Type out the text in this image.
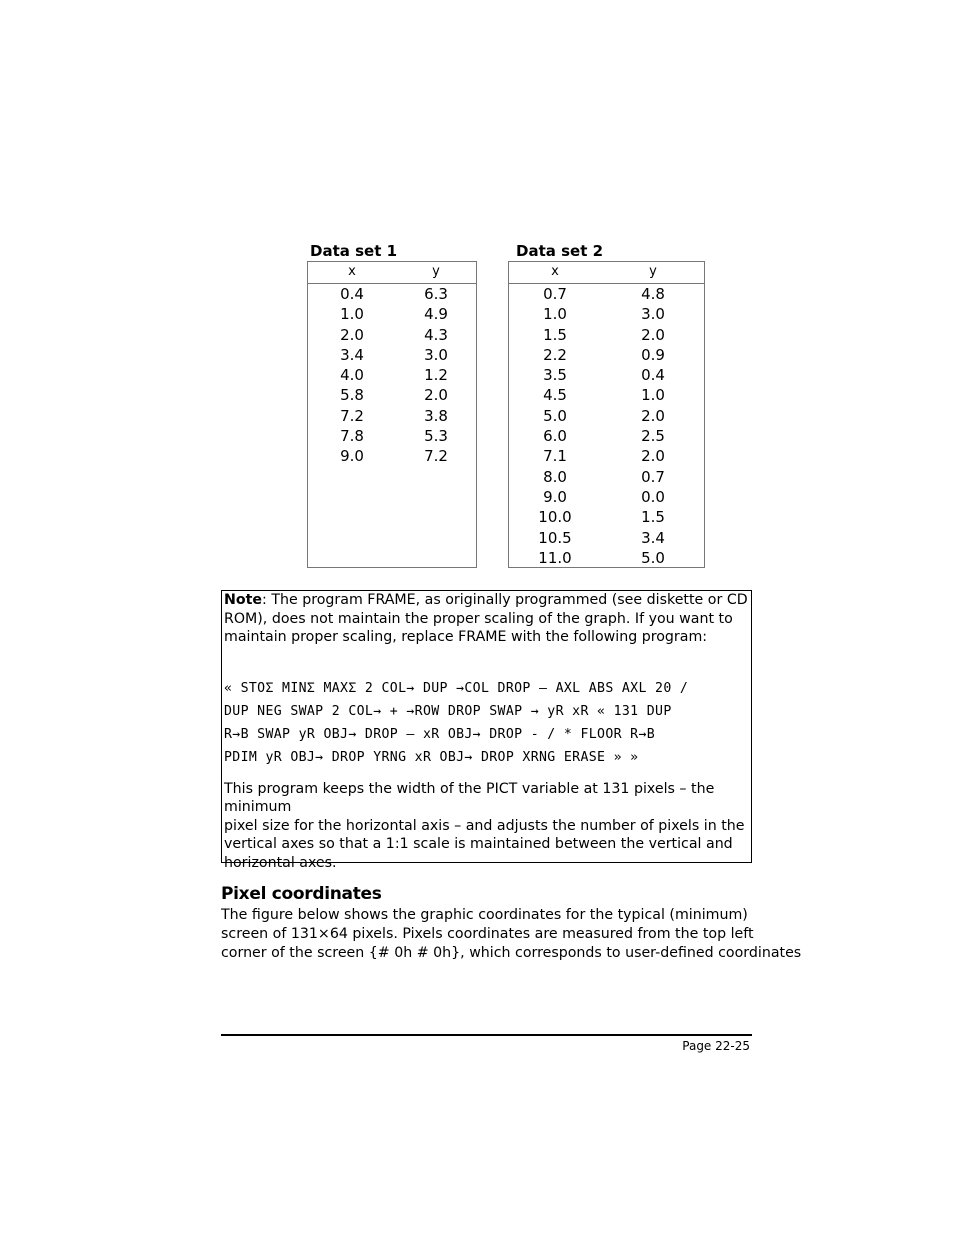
Data set 1
x	y
0.4	6.3
1.0	4.9
2.0	4.3
3.4	3.0
4.0	1.2
5.8	2.0
7.2	3.8
7.8	5.3
9.0	7.2
Data set 2
x	y
0.7	4.8
1.0	3.0
1.5	2.0
2.2	0.9
3.5	0.4
4.5	1.0
5.0	2.0
6.0	2.5
7.1	2.0
8.0	0.7
9.0	0.0
10.0	1.5
10.5	3.4
11.0	5.0

Note: The program FRAME, as originally programmed (see diskette or CD
ROM), does not maintain the proper scaling of the graph. If you want to
maintain proper scaling, replace FRAME with the following program:

« STOΣ MINΣ MAXΣ 2 COL→ DUP →COL DROP – AXL ABS AXL 20 /
DUP NEG SWAP 2 COL→ + →ROW DROP SWAP → yR xR « 131 DUP
R→B SWAP yR OBJ→ DROP – xR OBJ→ DROP - / * FLOOR R→B
PDIM yR OBJ→ DROP YRNG xR OBJ→ DROP XRNG ERASE » »

This program keeps the width of the PICT variable at 131 pixels – the minimum
pixel size for the horizontal axis – and adjusts the number of pixels in the
vertical axes so that a 1:1 scale is maintained between the vertical and
horizontal axes.

Pixel coordinates
The figure below shows the graphic coordinates for the typical (minimum)
screen of 131×64 pixels. Pixels coordinates are measured from the top left
corner of the screen {# 0h # 0h}, which corresponds to user-defined coordinates
Page 22-25
